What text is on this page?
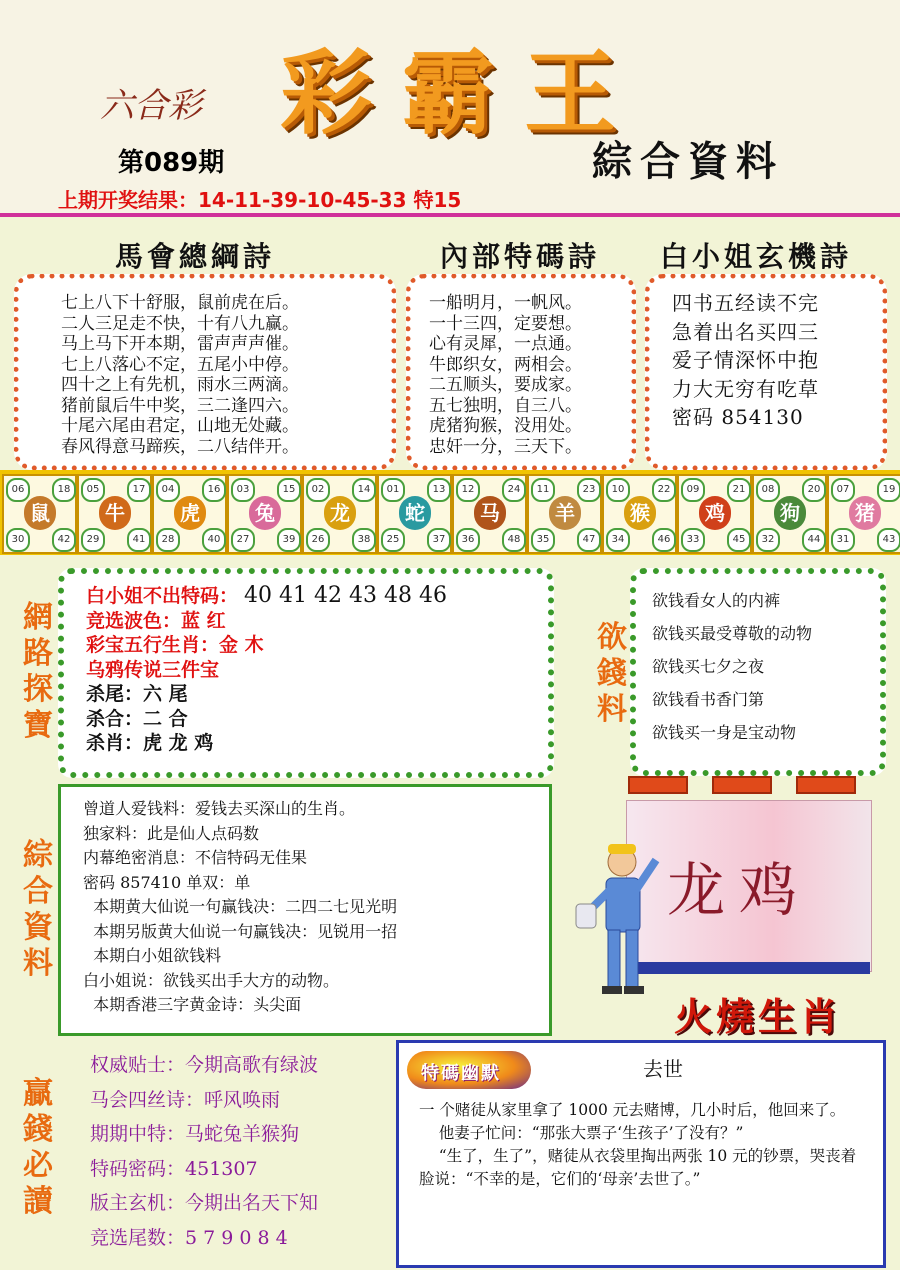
六合彩 彩霸王
綜合資料
第089期
上期开奖结果：14-11-39-10-45-33 特15
馬會總綱詩	內部特碼詩 白小姐玄機詩
七上八下十舒服，鼠前虎在后。
二人三足走不快，十有八九赢。
马上马下开本期，雷声声声催。
七上八落心不定，五尾小中停。
四十之上有先机，雨水三两滴。
猪前鼠后牛中奖，三二逢四六。
十尾六尾由君定，山地无处藏。
春风得意马蹄疾，二八结伴开。
一船明月，一帆风。
一十三四，定要想。
心有灵犀，一点通。
牛郎织女，两相会。
二五顺头，要成家。
五七独明，自三八。
虎猪狗猴，没用处。
忠奸一分，三天下。
四书五经读不完
急着出名买四三
爱子情深怀中抱
力大无穷有吃草
密码 854130
06	18
30	42
鼠
05	17
29	41
牛
04	16
28	40
虎
03	15
27	39
兔
02	14
26	38
龙
01	13
25	37
蛇
12	24
36	48
马
11	23
35	47
羊
10	22
34	46
猴
09	21
33	45
鸡
08	20
32	44
狗
07	19
31	43
猪
網
路
探
寶
白小姐不出特码： 40 41 42 43 48 46
竞选波色：蓝 红
彩宝五行生肖：金 木
乌鸦传说三件宝
杀尾：六 尾
杀合：二 合
杀肖：虎 龙 鸡
欲
錢
料
欲钱看女人的内裤
欲钱买最受尊敬的动物
欲钱买七夕之夜
欲钱看书香门第
欲钱买一身是宝动物
綜
合
資
料
曾道人爱钱料：爱钱去买深山的生肖。
独家料：此是仙人点码数
内幕绝密消息：不信特码无佳果
密码 857410 单双：单
本期黄大仙说一句赢钱决：二四二七见光明
本期另版黄大仙说一句赢钱决：见锐用一招
本期白小姐欲钱料
白小姐说：欲钱买出手大方的动物。
本期香港三字黄金诗：头尖面
龙鸡
火燒生肖
贏
錢
必
讀
权威贴士：今期高歌有绿波
马会四丝诗：呼风唤雨
期期中特：马蛇兔羊猴狗
特码密码：451307
版主玄机：今期出名天下知
竞选尾数：5 7 9 0 8 4
特碼幽默	去世
一 个赌徒从家里拿了 1000 元去赌博，几小时后，他回来了。
他妻子忙问：“那张大票子‘生孩子’了没有？”
“生了，生了”，赌徒从衣袋里掏出两张 10 元的钞票，哭丧着脸说：“不幸的是，它们的‘母亲’去世了。”
